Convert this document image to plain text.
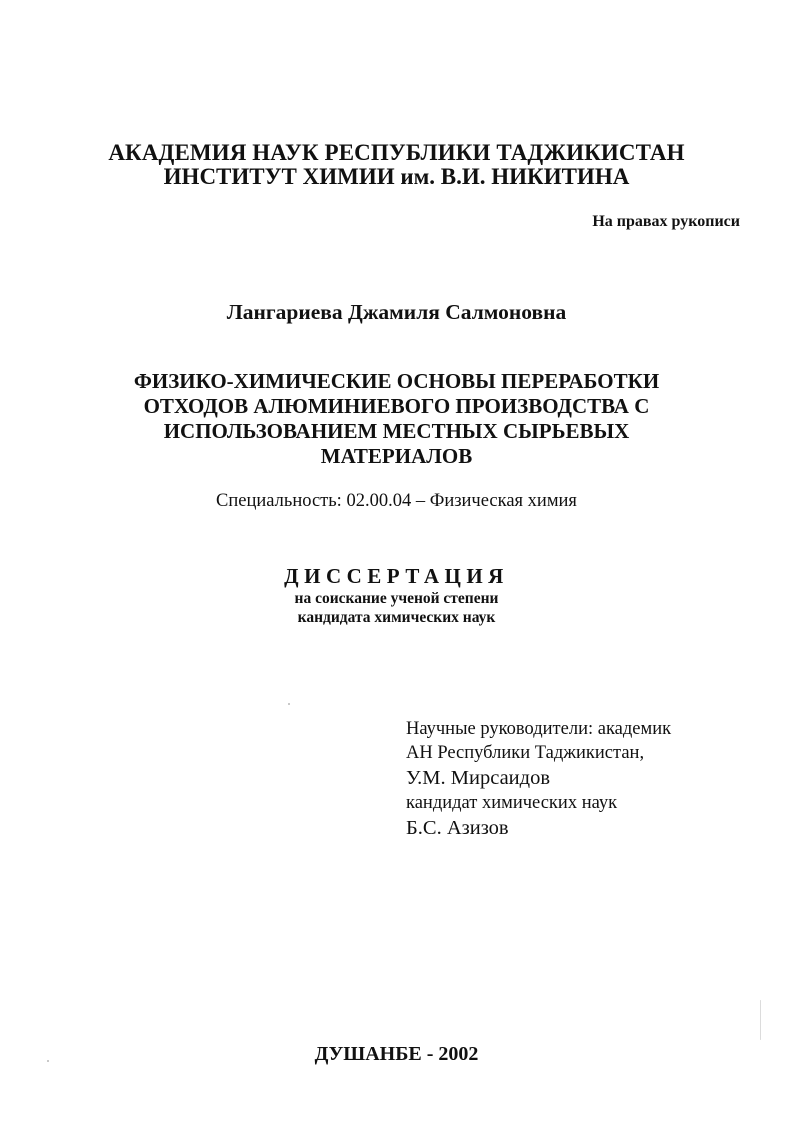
АКАДЕМИЯ НАУК РЕСПУБЛИКИ ТАДЖИКИСТАН

ИНСТИТУТ ХИМИИ им. В.И. НИКИТИНА

На правах рукописи

Лангариева Джамиля Салмоновна

ФИЗИКО-ХИМИЧЕСКИЕ ОСНОВЫ ПЕРЕРАБОТКИ
ОТХОДОВ АЛЮМИНИЕВОГО ПРОИЗВОДСТВА С
ИСПОЛЬЗОВАНИЕМ МЕСТНЫХ СЫРЬЕВЫХ
МАТЕРИАЛОВ

Специальность: 02.00.04 – Физическая химия

ДИССЕРТАЦИЯ

на соискание ученой степени

кандидата химических наук

Научные руководители: академик
АН Республики Таджикистан,
У.М. Мирсаидов
кандидат химических наук
Б.С. Азизов

ДУШАНБЕ - 2002
